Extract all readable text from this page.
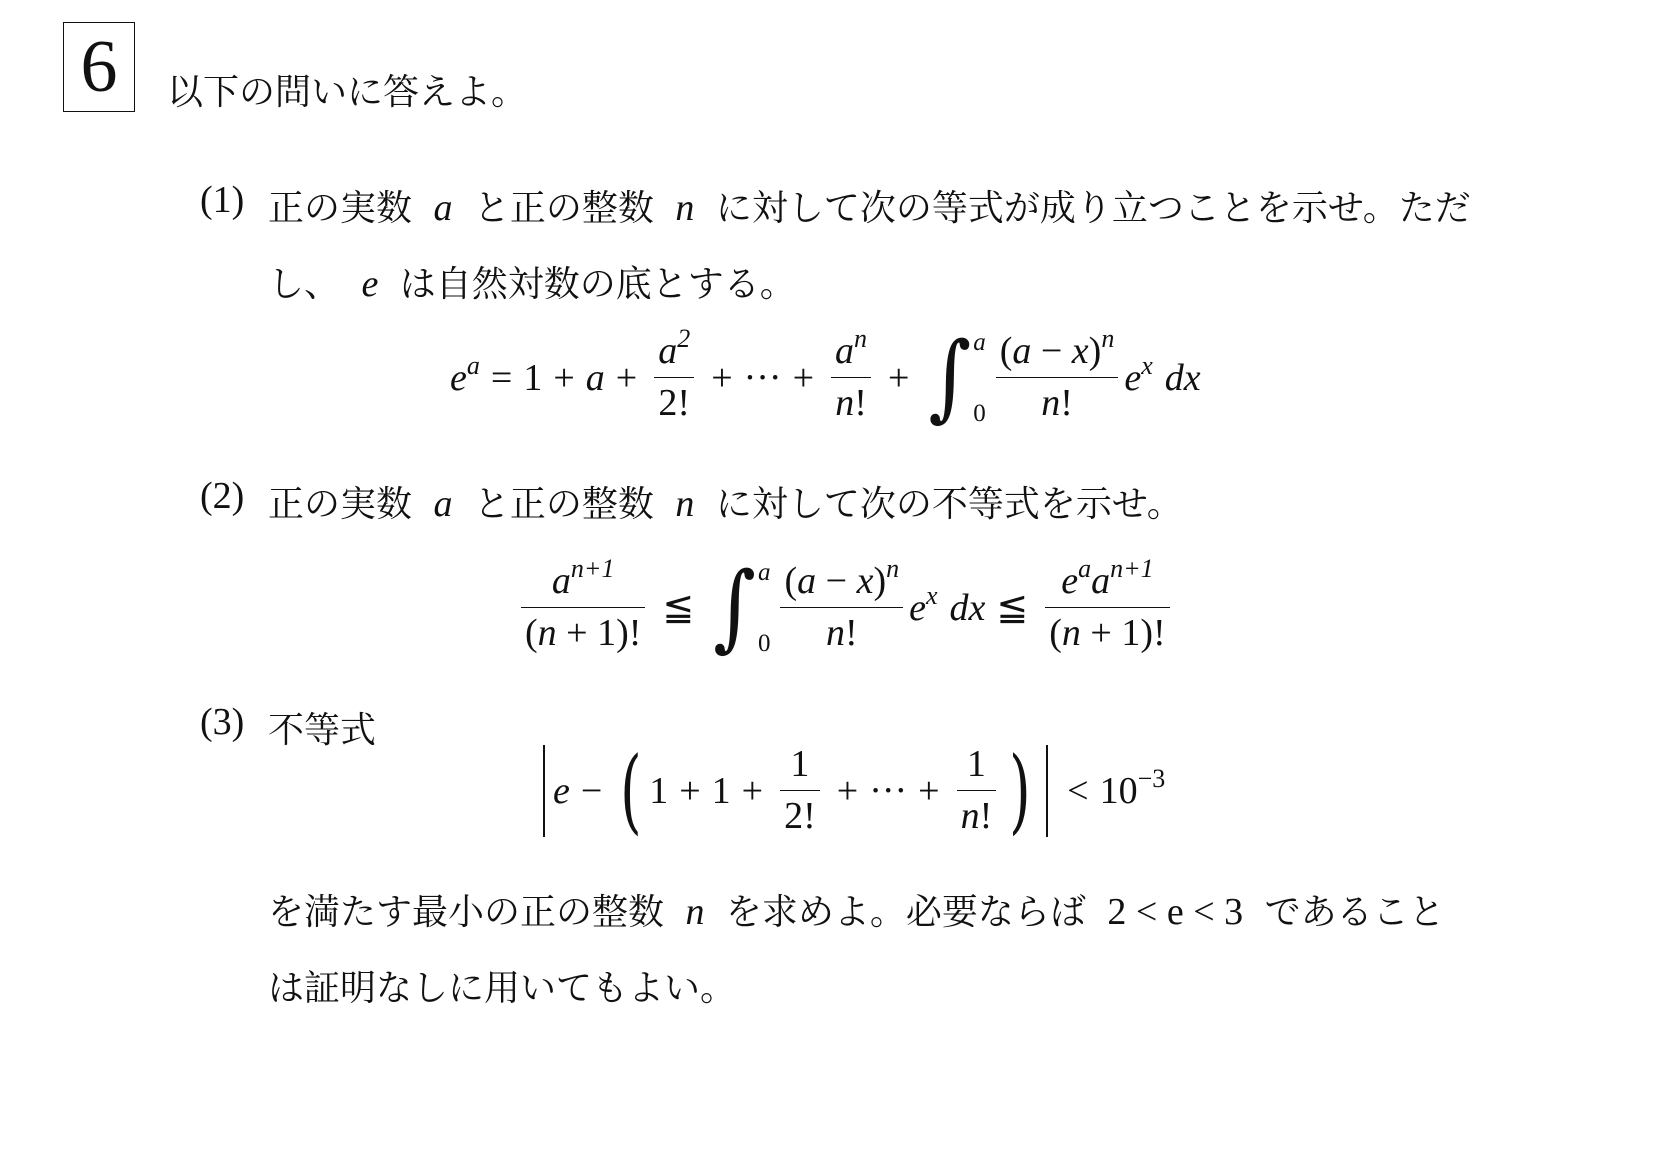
6	以下の問いに答えよ。
(1) 正の実数 a と正の整数 n に対して次の等式が成り立つことを示せ。ただ
し、 e は自然対数の底とする。
$e^a = 1 + a + \frac{a^2}{2!}$ + ··· + $\frac{a^n}{n!}$ + ∫ a
$0 \frac{(a - x)^n}{n!} e^x$ dx
(2) 正の実数 a と正の整数 n に対して次の不等式を示せ。
$\frac{a^{n+1}}{(n + 1)!}$ ≦ ∫ a
$0 \frac{(a - x)^n}{n!} e^x$ dx ≦ $\frac{e^aa^{n+1}}{(n + 1)!}$
(3) 不等式
e − ( $1 + 1 + \frac{1}{2!}$ + ··· + $\frac{1}{n!}$ ) < $10^{-3}$
を満たす最小の正の整数 n を求めよ。必要ならば 2 < e < 3 であること
は証明なしに用いてもよい。
